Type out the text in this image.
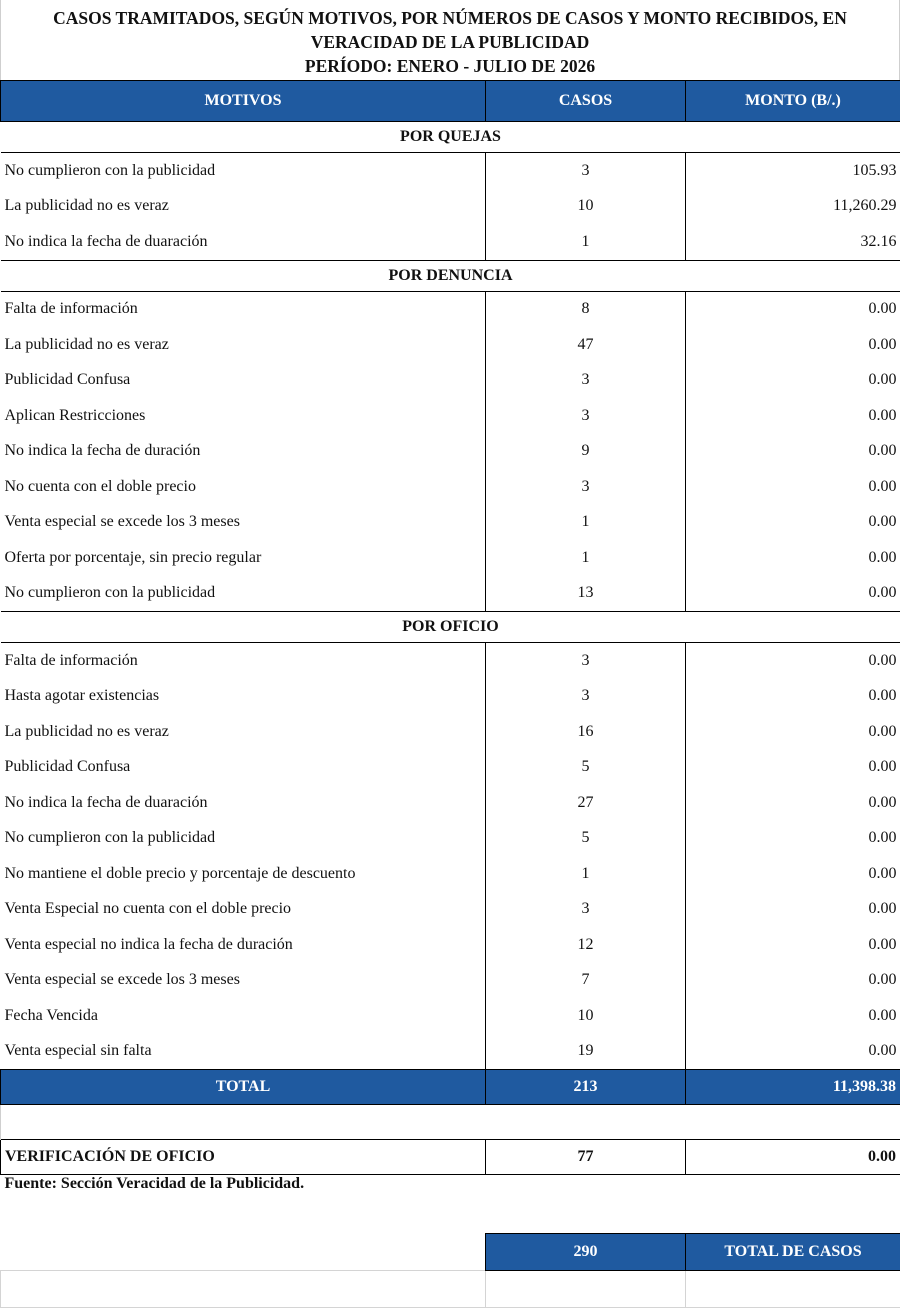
CASOS TRAMITADOS, SEGÚN MOTIVOS, POR NÚMEROS DE CASOS Y MONTO RECIBIDOS, EN
VERACIDAD DE LA PUBLICIDAD
PERÍODO: ENERO - JULIO DE 2026
MOTIVOS	CASOS	MONTO (B/.)
POR QUEJAS		
No cumplieron con la publicidad	3	105.93
La publicidad no es veraz	10	11,260.29
No indica la fecha de duaración	1	32.16
POR DENUNCIA		
Falta de información	8	0.00
La publicidad no es veraz	47	0.00
Publicidad Confusa	3	0.00
Aplican Restricciones	3	0.00
No indica la fecha de duración	9	0.00
No cuenta con el doble precio	3	0.00
Venta especial se excede los 3 meses	1	0.00
Oferta por porcentaje, sin precio regular	1	0.00
No cumplieron con la publicidad	13	0.00
POR OFICIO		
Falta de información	3	0.00
Hasta agotar existencias	3	0.00
La publicidad no es veraz	16	0.00
Publicidad Confusa	5	0.00
No indica la fecha de duaración	27	0.00
No cumplieron con la publicidad	5	0.00
No mantiene el doble precio y porcentaje de descuento	1	0.00
Venta Especial no cuenta con el doble precio	3	0.00
Venta especial no indica la fecha de duración	12	0.00
Venta especial se excede los 3 meses	7	0.00
Fecha Vencida	10	0.00
Venta especial sin falta	19	0.00
TOTAL	213	11,398.38

VERIFICACIÓN DE OFICIO	77	0.00
Fuente: Sección Veracidad de la Publicidad.		

	290	TOTAL DE CASOS
